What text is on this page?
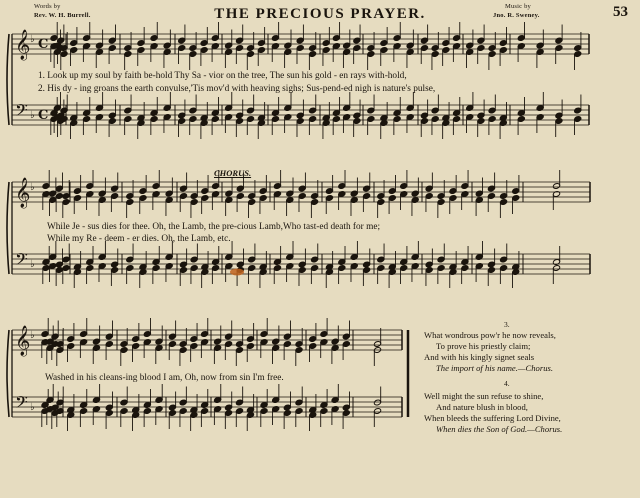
Words by
Rev. W. H. Burrell.	THE PRECIOUS PRAYER.	Music by
Jno. R. Sweney.	53
𝄞
𝄢
♭
♭
C
C
𝄞
𝄢
♭
♭
𝄞
𝄢
♭
♭
1. Look up my soul by faith be-hold Thy Sa - vior on the tree, The sun his gold - en rays with-hold,
2. His dy - ing groans the earth convulse,'Tis mov'd with heaving sighs; Sus-pend-ed nigh is nature's pulse,
CHORUS.
While Je - sus dies for thee. Oh, the Lamb, the pre-cious Lamb,Who tast-ed death for me;
While my Re - deem - er dies. Oh, the Lamb, etc.
Washed in his cleans-ing blood I am, Oh, now from sin I'm free.
3.
What wondrous pow'r he now reveals,
To prove his priestly claim;
And with his kingly signet seals
The import of his name.—Chorus.
4.
Well might the sun refuse to shine,
And nature blush in blood,
When bleeds the suffering Lord Divine,
When dies the Son of God.—Chorus.
